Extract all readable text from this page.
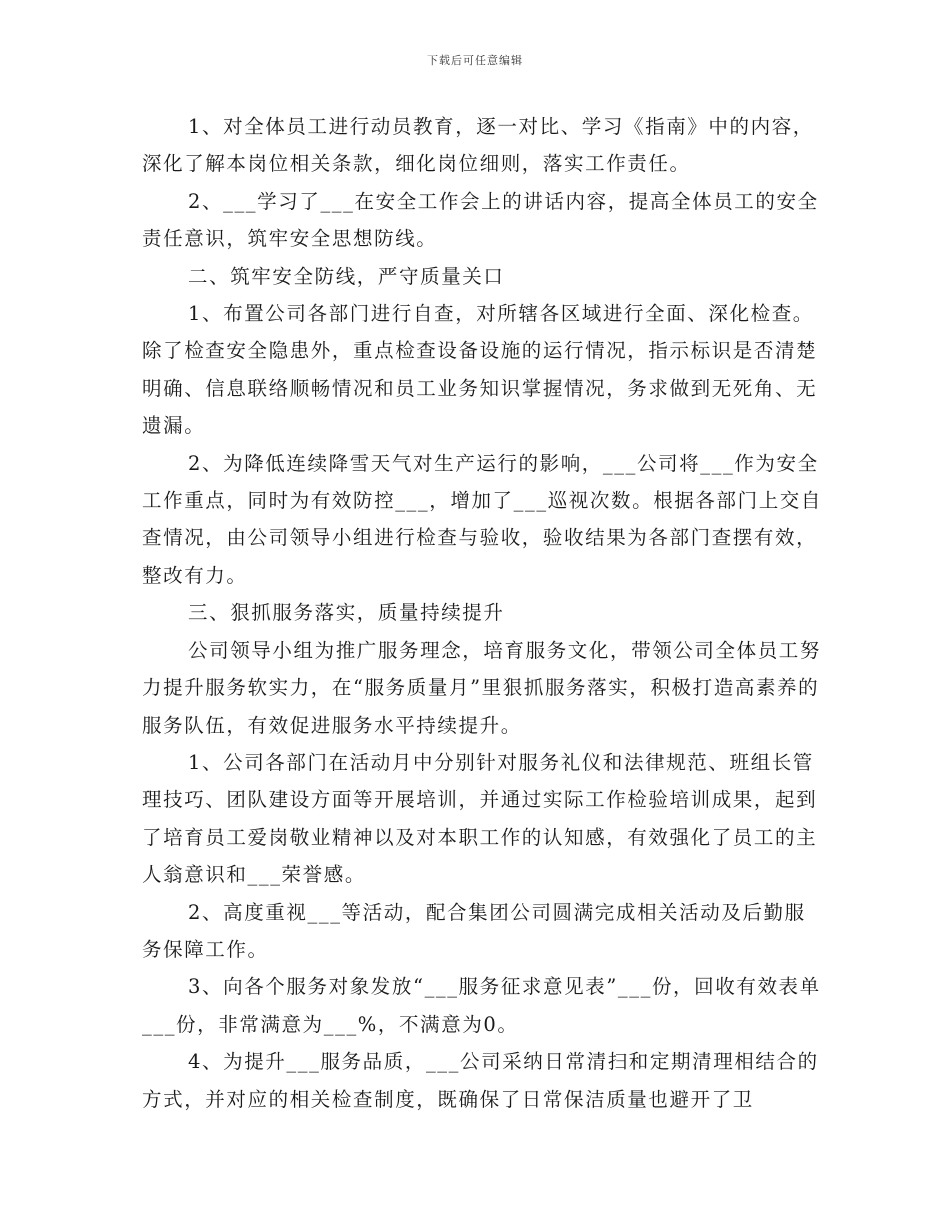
下载后可任意编辑

1、对全体员工进行动员教育，逐一对比、学习《指南》中的内容，深化了解本岗位相关条款，细化岗位细则，落实工作责任。

2、___学习了___在安全工作会上的讲话内容，提高全体员工的安全责任意识，筑牢安全思想防线。

二、筑牢安全防线，严守质量关口

1、布置公司各部门进行自查，对所辖各区域进行全面、深化检查。除了检查安全隐患外，重点检查设备设施的运行情况，指示标识是否清楚明确、信息联络顺畅情况和员工业务知识掌握情况，务求做到无死角、无遗漏。

2、为降低连续降雪天气对生产运行的影响，___公司将___作为安全工作重点，同时为有效防控___，增加了___巡视次数。根据各部门上交自查情况，由公司领导小组进行检查与验收，验收结果为各部门查摆有效，整改有力。

三、狠抓服务落实，质量持续提升

公司领导小组为推广服务理念，培育服务文化，带领公司全体员工努力提升服务软实力，在“服务质量月”里狠抓服务落实，积极打造高素养的服务队伍，有效促进服务水平持续提升。

1、公司各部门在活动月中分别针对服务礼仪和法律规范、班组长管理技巧、团队建设方面等开展培训，并通过实际工作检验培训成果，起到了培育员工爱岗敬业精神以及对本职工作的认知感，有效强化了员工的主人翁意识和___荣誉感。

2、高度重视___等活动，配合集团公司圆满完成相关活动及后勤服务保障工作。

3、向各个服务对象发放“___服务征求意见表”___份，回收有效表单___份，非常满意为___%，不满意为0。

4、为提升___服务品质，___公司采纳日常清扫和定期清理相结合的方式，并对应的相关检查制度，既确保了日常保洁质量也避开了卫
